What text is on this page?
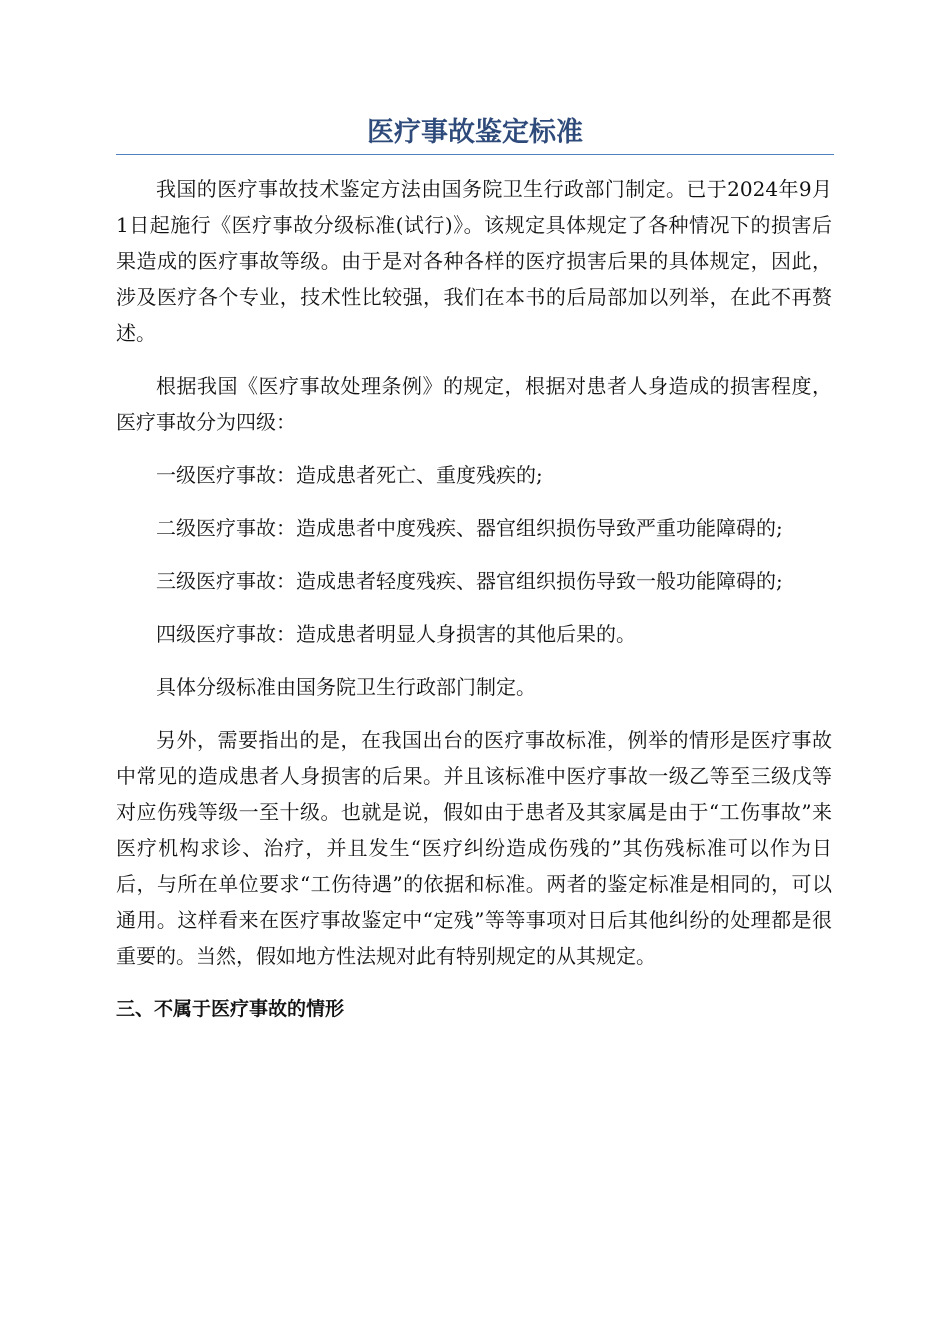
医疗事故鉴定标准

我国的医疗事故技术鉴定方法由国务院卫生行政部门制定。已于2024年9月1日起施行《医疗事故分级标准(试行)》。该规定具体规定了各种情况下的损害后果造成的医疗事故等级。由于是对各种各样的医疗损害后果的具体规定，因此，涉及医疗各个专业，技术性比较强，我们在本书的后局部加以列举，在此不再赘述。

根据我国《医疗事故处理条例》的规定，根据对患者人身造成的损害程度，医疗事故分为四级：

一级医疗事故：造成患者死亡、重度残疾的;

二级医疗事故：造成患者中度残疾、器官组织损伤导致严重功能障碍的;

三级医疗事故：造成患者轻度残疾、器官组织损伤导致一般功能障碍的;

四级医疗事故：造成患者明显人身损害的其他后果的。

具体分级标准由国务院卫生行政部门制定。

另外，需要指出的是，在我国出台的医疗事故标准，例举的情形是医疗事故中常见的造成患者人身损害的后果。并且该标准中医疗事故一级乙等至三级戊等对应伤残等级一至十级。也就是说，假如由于患者及其家属是由于“工伤事故”来医疗机构求诊、治疗，并且发生“医疗纠纷造成伤残的”其伤残标准可以作为日后，与所在单位要求“工伤待遇”的依据和标准。两者的鉴定标准是相同的，可以通用。这样看来在医疗事故鉴定中“定残”等等事项对日后其他纠纷的处理都是很重要的。当然，假如地方性法规对此有特别规定的从其规定。

三、不属于医疗事故的情形
